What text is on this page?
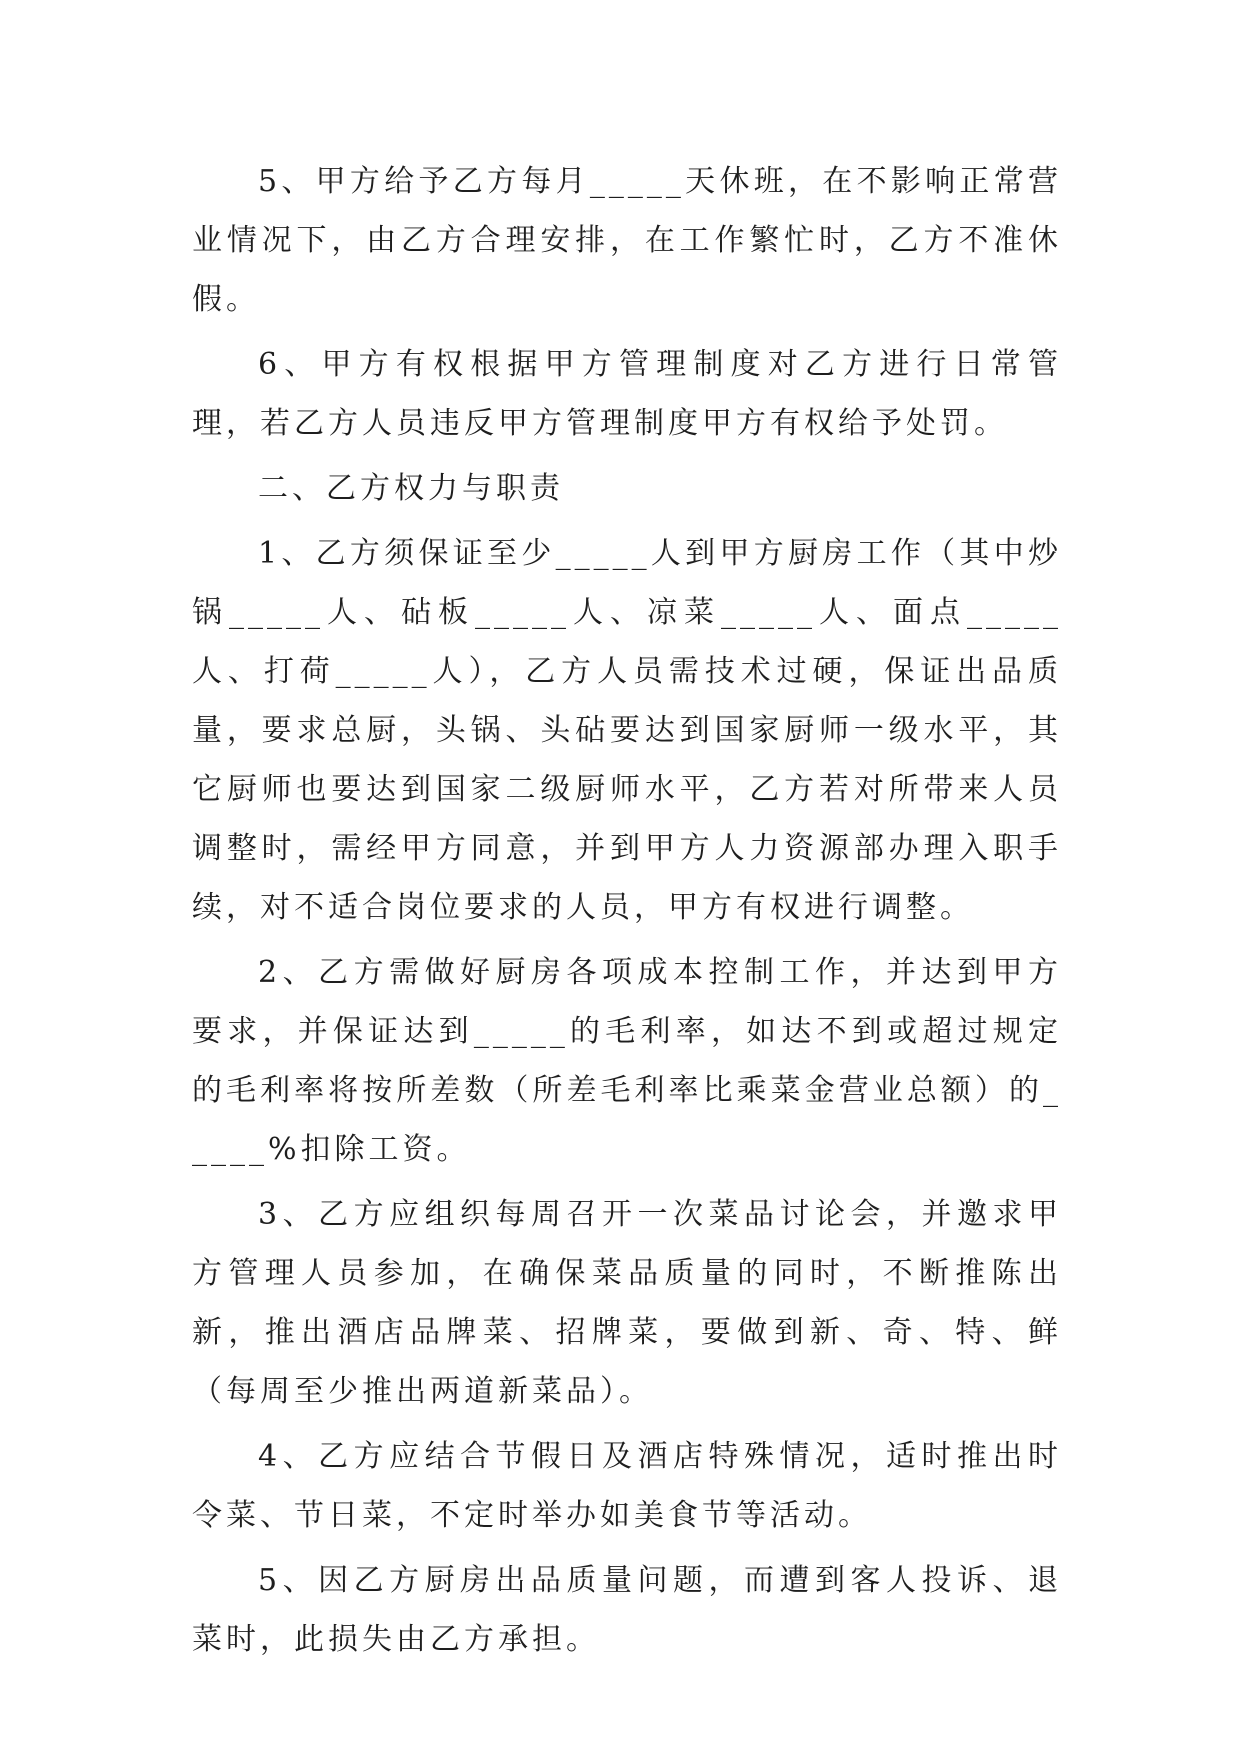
5、甲方给予乙方每月_____天休班，在不影响正常营业情况下，由乙方合理安排，在工作繁忙时，乙方不准休假。

6、甲方有权根据甲方管理制度对乙方进行日常管理，若乙方人员违反甲方管理制度甲方有权给予处罚。

二、乙方权力与职责

1、乙方须保证至少_____人到甲方厨房工作（其中炒锅_____人、砧板_____人、凉菜_____人、面点_____人、打荷_____人），乙方人员需技术过硬，保证出品质量，要求总厨，头锅、头砧要达到国家厨师一级水平，其它厨师也要达到国家二级厨师水平，乙方若对所带来人员调整时，需经甲方同意，并到甲方人力资源部办理入职手续，对不适合岗位要求的人员，甲方有权进行调整。

2、乙方需做好厨房各项成本控制工作，并达到甲方要求，并保证达到_____的毛利率，如达不到或超过规定的毛利率将按所差数（所差毛利率比乘菜金营业总额）的_____%扣除工资。

3、乙方应组织每周召开一次菜品讨论会，并邀求甲方管理人员参加，在确保菜品质量的同时，不断推陈出新，推出酒店品牌菜、招牌菜，要做到新、奇、特、鲜（每周至少推出两道新菜品）。

4、乙方应结合节假日及酒店特殊情况，适时推出时令菜、节日菜，不定时举办如美食节等活动。

5、因乙方厨房出品质量问题，而遭到客人投诉、退菜时，此损失由乙方承担。
